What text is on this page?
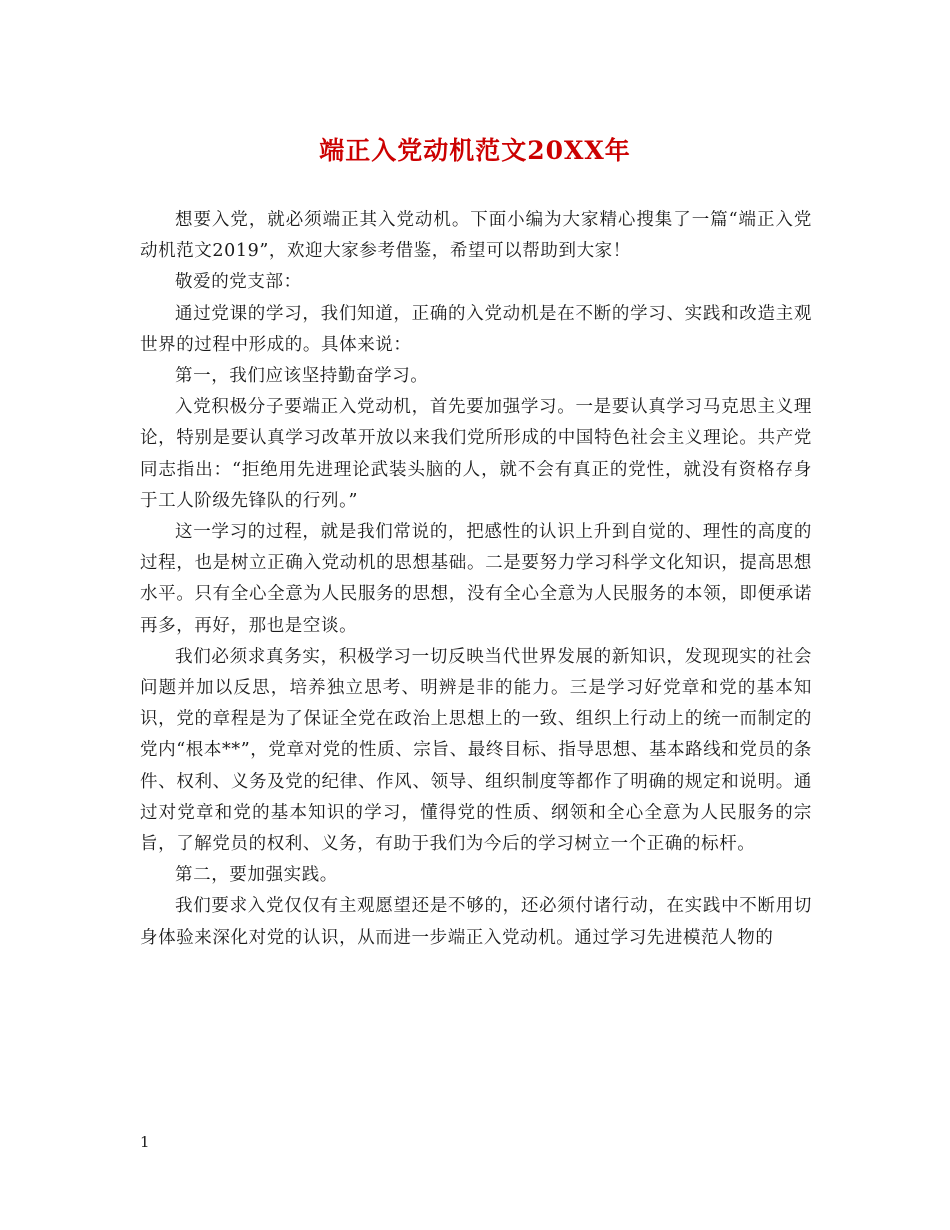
端正入党动机范文20XX年

想要入党，就必须端正其入党动机。下面小编为大家精心搜集了一篇“端正入党动机范文2019”，欢迎大家参考借鉴，希望可以帮助到大家！

敬爱的党支部：

通过党课的学习，我们知道，正确的入党动机是在不断的学习、实践和改造主观世界的过程中形成的。具体来说：

第一，我们应该坚持勤奋学习。

入党积极分子要端正入党动机，首先要加强学习。一是要认真学习马克思主义理论，特别是要认真学习改革开放以来我们党所形成的中国特色社会主义理论。共产党同志指出：“拒绝用先进理论武装头脑的人，就不会有真正的党性，就没有资格存身于工人阶级先锋队的行列。”

这一学习的过程，就是我们常说的，把感性的认识上升到自觉的、理性的高度的过程，也是树立正确入党动机的思想基础。二是要努力学习科学文化知识，提高思想水平。只有全心全意为人民服务的思想，没有全心全意为人民服务的本领，即便承诺再多，再好，那也是空谈。

我们必须求真务实，积极学习一切反映当代世界发展的新知识，发现现实的社会问题并加以反思，培养独立思考、明辨是非的能力。三是学习好党章和党的基本知识，党的章程是为了保证全党在政治上思想上的一致、组织上行动上的统一而制定的党内“根本**”，党章对党的性质、宗旨、最终目标、指导思想、基本路线和党员的条件、权利、义务及党的纪律、作风、领导、组织制度等都作了明确的规定和说明。通过对党章和党的基本知识的学习，懂得党的性质、纲领和全心全意为人民服务的宗旨，了解党员的权利、义务，有助于我们为今后的学习树立一个正确的标杆。

第二，要加强实践。

我们要求入党仅仅有主观愿望还是不够的，还必须付诸行动，在实践中不断用切身体验来深化对党的认识，从而进一步端正入党动机。通过学习先进模范人物的

1
